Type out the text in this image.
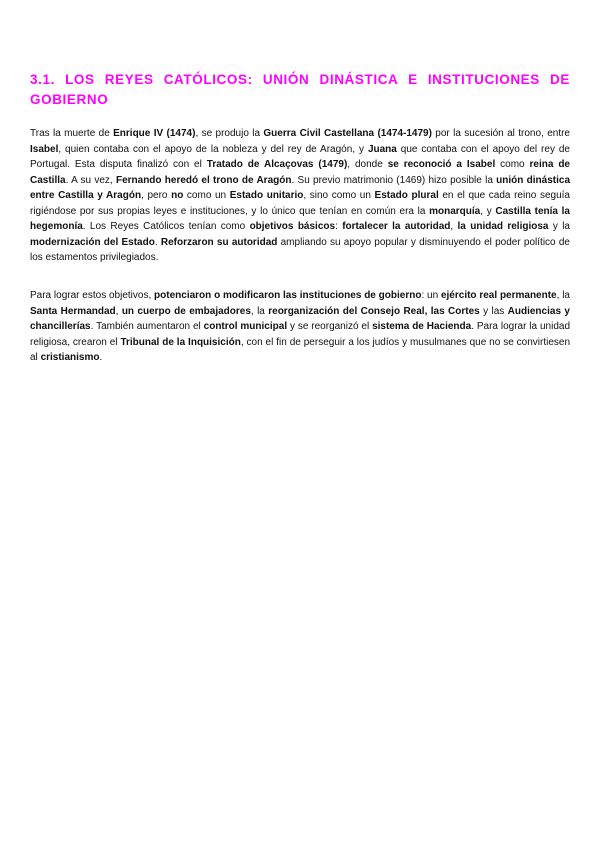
3.1. LOS REYES CATÓLICOS: UNIÓN DINÁSTICA E INSTITUCIONES DE GOBIERNO

Tras la muerte de Enrique IV (1474), se produjo la Guerra Civil Castellana (1474-1479) por la sucesión al trono, entre Isabel, quien contaba con el apoyo de la nobleza y del rey de Aragón, y Juana que contaba con el apoyo del rey de Portugal. Esta disputa finalizó con el Tratado de Alcaçovas (1479), donde se reconoció a Isabel como reina de Castilla. A su vez, Fernando heredó el trono de Aragón. Su previo matrimonio (1469) hizo posible la unión dinástica entre Castilla y Aragón, pero no como un Estado unitario, sino como un Estado plural en el que cada reino seguía rigiéndose por sus propias leyes e instituciones, y lo único que tenían en común era la monarquía, y Castilla tenía la hegemonía. Los Reyes Católicos tenían como objetivos básicos: fortalecer la autoridad, la unidad religiosa y la modernización del Estado. Reforzaron su autoridad ampliando su apoyo popular y disminuyendo el poder político de los estamentos privilegiados.

Para lograr estos objetivos, potenciaron o modificaron las instituciones de gobierno: un ejército real permanente, la Santa Hermandad, un cuerpo de embajadores, la reorganización del Consejo Real, las Cortes y las Audiencias y chancillerías. También aumentaron el control municipal y se reorganizó el sistema de Hacienda. Para lograr la unidad religiosa, crearon el Tribunal de la Inquisición, con el fin de perseguir a los judíos y musulmanes que no se convirtiesen al cristianismo.
